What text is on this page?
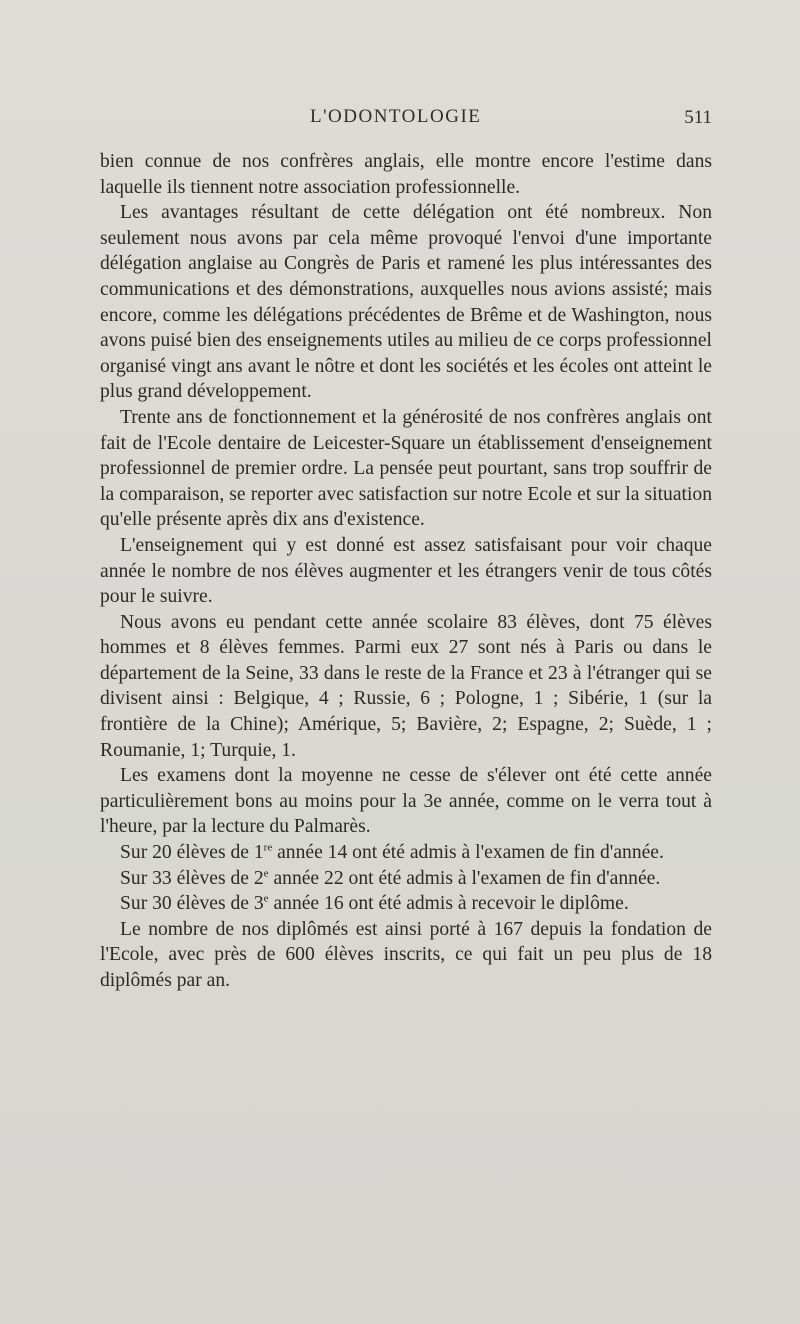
L'ODONTOLOGIE	511

bien connue de nos confrères anglais, elle montre encore l'estime dans laquelle ils tiennent notre association professionnelle.

Les avantages résultant de cette délégation ont été nombreux. Non seulement nous avons par cela même provoqué l'envoi d'une importante délégation anglaise au Congrès de Paris et ramené les plus intéressantes des communications et des démonstrations, auxquelles nous avions assisté; mais encore, comme les délégations précédentes de Brême et de Washington, nous avons puisé bien des enseignements utiles au milieu de ce corps professionnel organisé vingt ans avant le nôtre et dont les sociétés et les écoles ont atteint le plus grand développement.

Trente ans de fonctionnement et la générosité de nos confrères anglais ont fait de l'Ecole dentaire de Leicester-Square un établissement d'enseignement professionnel de premier ordre. La pensée peut pourtant, sans trop souffrir de la comparaison, se reporter avec satisfaction sur notre Ecole et sur la situation qu'elle présente après dix ans d'existence.

L'enseignement qui y est donné est assez satisfaisant pour voir chaque année le nombre de nos élèves augmenter et les étrangers venir de tous côtés pour le suivre.

Nous avons eu pendant cette année scolaire 83 élèves, dont 75 élèves hommes et 8 élèves femmes. Parmi eux 27 sont nés à Paris ou dans le département de la Seine, 33 dans le reste de la France et 23 à l'étranger qui se divisent ainsi : Belgique, 4 ; Russie, 6 ; Pologne, 1 ; Sibérie, 1 (sur la frontière de la Chine); Amérique, 5; Bavière, 2; Espagne, 2; Suède, 1 ; Roumanie, 1; Turquie, 1.

Les examens dont la moyenne ne cesse de s'élever ont été cette année particulièrement bons au moins pour la 3e année, comme on le verra tout à l'heure, par la lecture du Palmarès.

Sur 20 élèves de 1re année 14 ont été admis à l'examen de fin d'année.

Sur 33 élèves de 2e année 22 ont été admis à l'examen de fin d'année.

Sur 30 élèves de 3e année 16 ont été admis à recevoir le diplôme.

Le nombre de nos diplômés est ainsi porté à 167 depuis la fondation de l'Ecole, avec près de 600 élèves inscrits, ce qui fait un peu plus de 18 diplômés par an.
